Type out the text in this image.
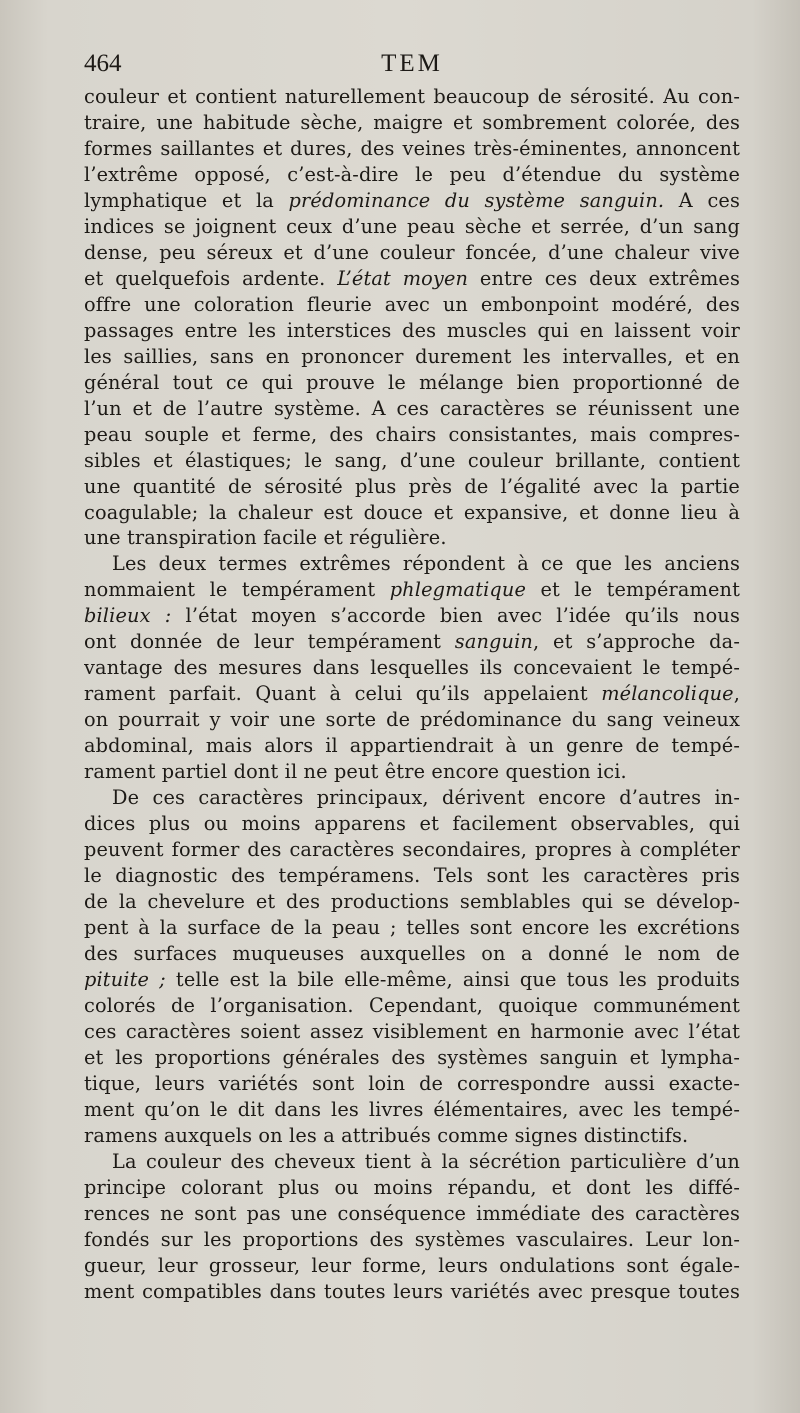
464	TEM
couleur et contient naturellement beaucoup de sérosité. Au con-
traire, une habitude sèche, maigre et sombrement colorée, des
formes saillantes et dures, des veines très-éminentes, annoncent
l’extrême opposé, c’est-à-dire le peu d’étendue du système
lymphatique et la prédominance du système sanguin. A ces
indices se joignent ceux d’une peau sèche et serrée, d’un sang
dense, peu séreux et d’une couleur foncée, d’une chaleur vive
et quelquefois ardente. L’état moyen entre ces deux extrêmes
offre une coloration fleurie avec un embonpoint modéré, des
passages entre les interstices des muscles qui en laissent voir
les saillies, sans en prononcer durement les intervalles, et en
général tout ce qui prouve le mélange bien proportionné de
l’un et de l’autre système. A ces caractères se réunissent une
peau souple et ferme, des chairs consistantes, mais compres-
sibles et élastiques; le sang, d’une couleur brillante, contient
une quantité de sérosité plus près de l’égalité avec la partie
coagulable; la chaleur est douce et expansive, et donne lieu à
une transpiration facile et régulière.
Les deux termes extrêmes répondent à ce que les anciens
nommaient le tempérament phlegmatique et le tempérament
bilieux : l’état moyen s’accorde bien avec l’idée qu’ils nous
ont donnée de leur tempérament sanguin, et s’approche da-
vantage des mesures dans lesquelles ils concevaient le tempé-
rament parfait. Quant à celui qu’ils appelaient mélancolique,
on pourrait y voir une sorte de prédominance du sang veineux
abdominal, mais alors il appartiendrait à un genre de tempé-
rament partiel dont il ne peut être encore question ici.
De ces caractères principaux, dérivent encore d’autres in-
dices plus ou moins apparens et facilement observables, qui
peuvent former des caractères secondaires, propres à compléter
le diagnostic des tempéramens. Tels sont les caractères pris
de la chevelure et des productions semblables qui se dévelop-
pent à la surface de la peau ; telles sont encore les excrétions
des surfaces muqueuses auxquelles on a donné le nom de
pituite ; telle est la bile elle-même, ainsi que tous les produits
colorés de l’organisation. Cependant, quoique communément
ces caractères soient assez visiblement en harmonie avec l’état
et les proportions générales des systèmes sanguin et lympha-
tique, leurs variétés sont loin de correspondre aussi exacte-
ment qu’on le dit dans les livres élémentaires, avec les tempé-
ramens auxquels on les a attribués comme signes distinctifs.
La couleur des cheveux tient à la sécrétion particulière d’un
principe colorant plus ou moins répandu, et dont les diffé-
rences ne sont pas une conséquence immédiate des caractères
fondés sur les proportions des systèmes vasculaires. Leur lon-
gueur, leur grosseur, leur forme, leurs ondulations sont égale-
ment compatibles dans toutes leurs variétés avec presque toutes
